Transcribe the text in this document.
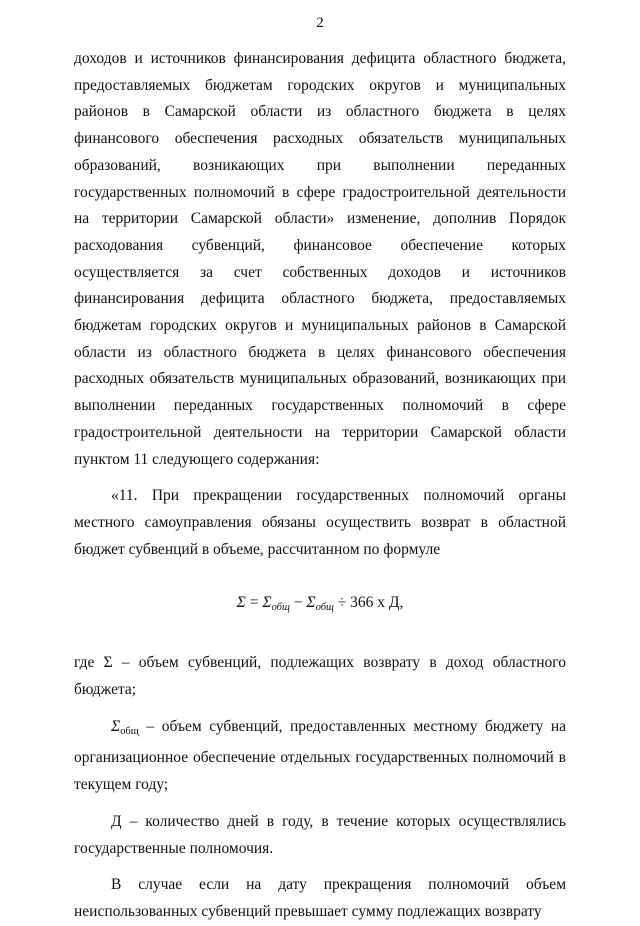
2

доходов и источников финансирования дефицита областного бюджета, предоставляемых бюджетам городских округов и муниципальных районов в Самарской области из областного бюджета в целях финансового обеспечения расходных обязательств муниципальных образований, возникающих при выполнении переданных государственных полномочий в сфере градостроительной деятельности на территории Самарской области» изменение, дополнив Порядок расходования субвенций, финансовое обеспечение которых осуществляется за счет собственных доходов и источников финансирования дефицита областного бюджета, предоставляемых бюджетам городских округов и муниципальных районов в Самарской области из областного бюджета в целях финансового обеспечения расходных обязательств муниципальных образований, возникающих при выполнении переданных государственных полномочий в сфере градостроительной деятельности на территории Самарской области пунктом 11 следующего содержания:

«11. При прекращении государственных полномочий органы местного самоуправления обязаны осуществить возврат в областной бюджет субвенций в объеме, рассчитанном по формуле

$\Sigma = \Sigma_{общ} - \Sigma_{общ} \div 366$ х Д,

где Σ – объем субвенций, подлежащих возврату в доход областного бюджета;

$\Sigma_{общ}$ – объем субвенций, предоставленных местному бюджету на организационное обеспечение отдельных государственных полномочий в текущем году;

Д – количество дней в году, в течение которых осуществлялись государственные полномочия.

В случае если на дату прекращения полномочий объем неиспользованных субвенций превышает сумму подлежащих возврату
